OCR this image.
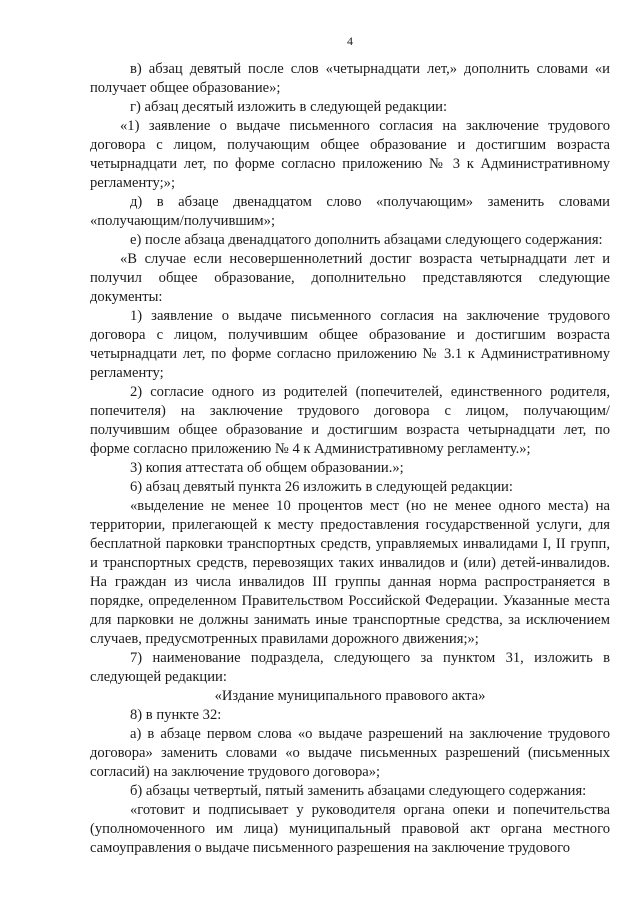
4

в) абзац девятый после слов «четырнадцати лет,» дополнить словами «и получает общее образование»;

г) абзац десятый изложить в следующей редакции:

«1) заявление о выдаче письменного согласия на заключение трудового договора с лицом, получающим общее образование и достигшим возраста четырнадцати лет, по форме согласно приложению № 3 к Административному регламенту;»;

д) в абзаце двенадцатом слово «получающим» заменить словами «получающим/получившим»;

е) после абзаца двенадцатого дополнить абзацами следующего содержания:

«В случае если несовершеннолетний достиг возраста четырнадцати лет и получил общее образование, дополнительно представляются следующие документы:

1) заявление о выдаче письменного согласия на заключение трудового договора с лицом, получившим общее образование и достигшим возраста четырнадцати лет, по форме согласно приложению № 3.1 к Административному регламенту;

2) согласие одного из родителей (попечителей, единственного родителя, попечителя) на заключение трудового договора с лицом, получающим/получившим общее образование и достигшим возраста четырнадцати лет, по форме согласно приложению № 4 к Административному регламенту.»;

3) копия аттестата об общем образовании.»;

6) абзац девятый пункта 26 изложить в следующей редакции:

«выделение не менее 10 процентов мест (но не менее одного места) на территории, прилегающей к месту предоставления государственной услуги, для бесплатной парковки транспортных средств, управляемых инвалидами I, II групп, и транспортных средств, перевозящих таких инвалидов и (или) детей-инвалидов. На граждан из числа инвалидов III группы данная норма распространяется в порядке, определенном Правительством Российской Федерации. Указанные места для парковки не должны занимать иные транспортные средства, за исключением случаев, предусмотренных правилами дорожного движения;»;

7) наименование подраздела, следующего за пунктом 31, изложить в следующей редакции:

«Издание муниципального правового акта»

8) в пункте 32:

а) в абзаце первом слова «о выдаче разрешений на заключение трудового договора» заменить словами «о выдаче письменных разрешений (письменных согласий) на заключение трудового договора»;

б) абзацы четвертый, пятый заменить абзацами следующего содержания:

«готовит и подписывает у руководителя органа опеки и попечительства (уполномоченного им лица) муниципальный правовой акт органа местного самоуправления о выдаче письменного разрешения на заключение трудового
